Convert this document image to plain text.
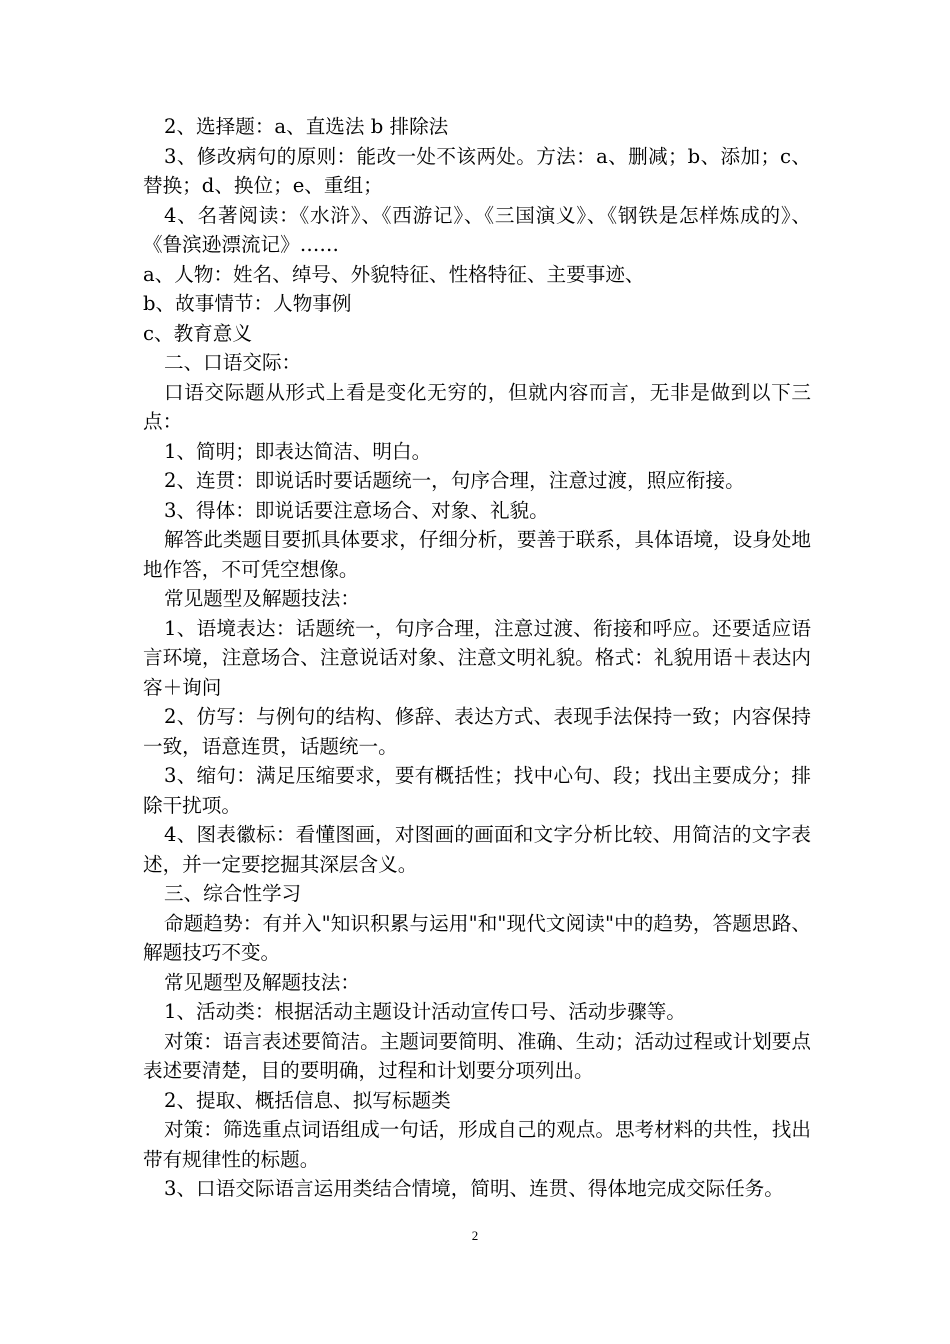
2、选择题：a、直选法 b 排除法

3、修改病句的原则：能改一处不该两处。方法：a、删减；b、添加；c、替换；d、换位；e、重组；

4、名著阅读：《水浒》、《西游记》、《三国演义》、《钢铁是怎样炼成的》、《鲁滨逊漂流记》……

a、人物：姓名、绰号、外貌特征、性格特征、主要事迹、

b、故事情节：人物事例

c、教育意义

二、口语交际：

口语交际题从形式上看是变化无穷的，但就内容而言，无非是做到以下三点：

1、简明；即表达简洁、明白。

2、连贯：即说话时要话题统一，句序合理，注意过渡，照应衔接。

3、得体：即说话要注意场合、对象、礼貌。

解答此类题目要抓具体要求，仔细分析，要善于联系，具体语境，设身处地地作答，不可凭空想像。

常见题型及解题技法：

1、语境表达：话题统一，句序合理，注意过渡、衔接和呼应。还要适应语言环境，注意场合、注意说话对象、注意文明礼貌。格式：礼貌用语＋表达内容＋询问

2、仿写：与例句的结构、修辞、表达方式、表现手法保持一致；内容保持一致，语意连贯，话题统一。

3、缩句：满足压缩要求，要有概括性；找中心句、段；找出主要成分；排除干扰项。

4、图表徽标：看懂图画，对图画的画面和文字分析比较、用简洁的文字表述，并一定要挖掘其深层含义。

三、综合性学习

命题趋势：有并入"知识积累与运用"和"现代文阅读"中的趋势，答题思路、解题技巧不变。

常见题型及解题技法：

1、活动类：根据活动主题设计活动宣传口号、活动步骤等。

对策：语言表述要简洁。主题词要简明、准确、生动；活动过程或计划要点表述要清楚，目的要明确，过程和计划要分项列出。

2、提取、概括信息、拟写标题类

对策：筛选重点词语组成一句话，形成自己的观点。思考材料的共性，找出带有规律性的标题。

3、口语交际语言运用类结合情境，简明、连贯、得体地完成交际任务。

2
